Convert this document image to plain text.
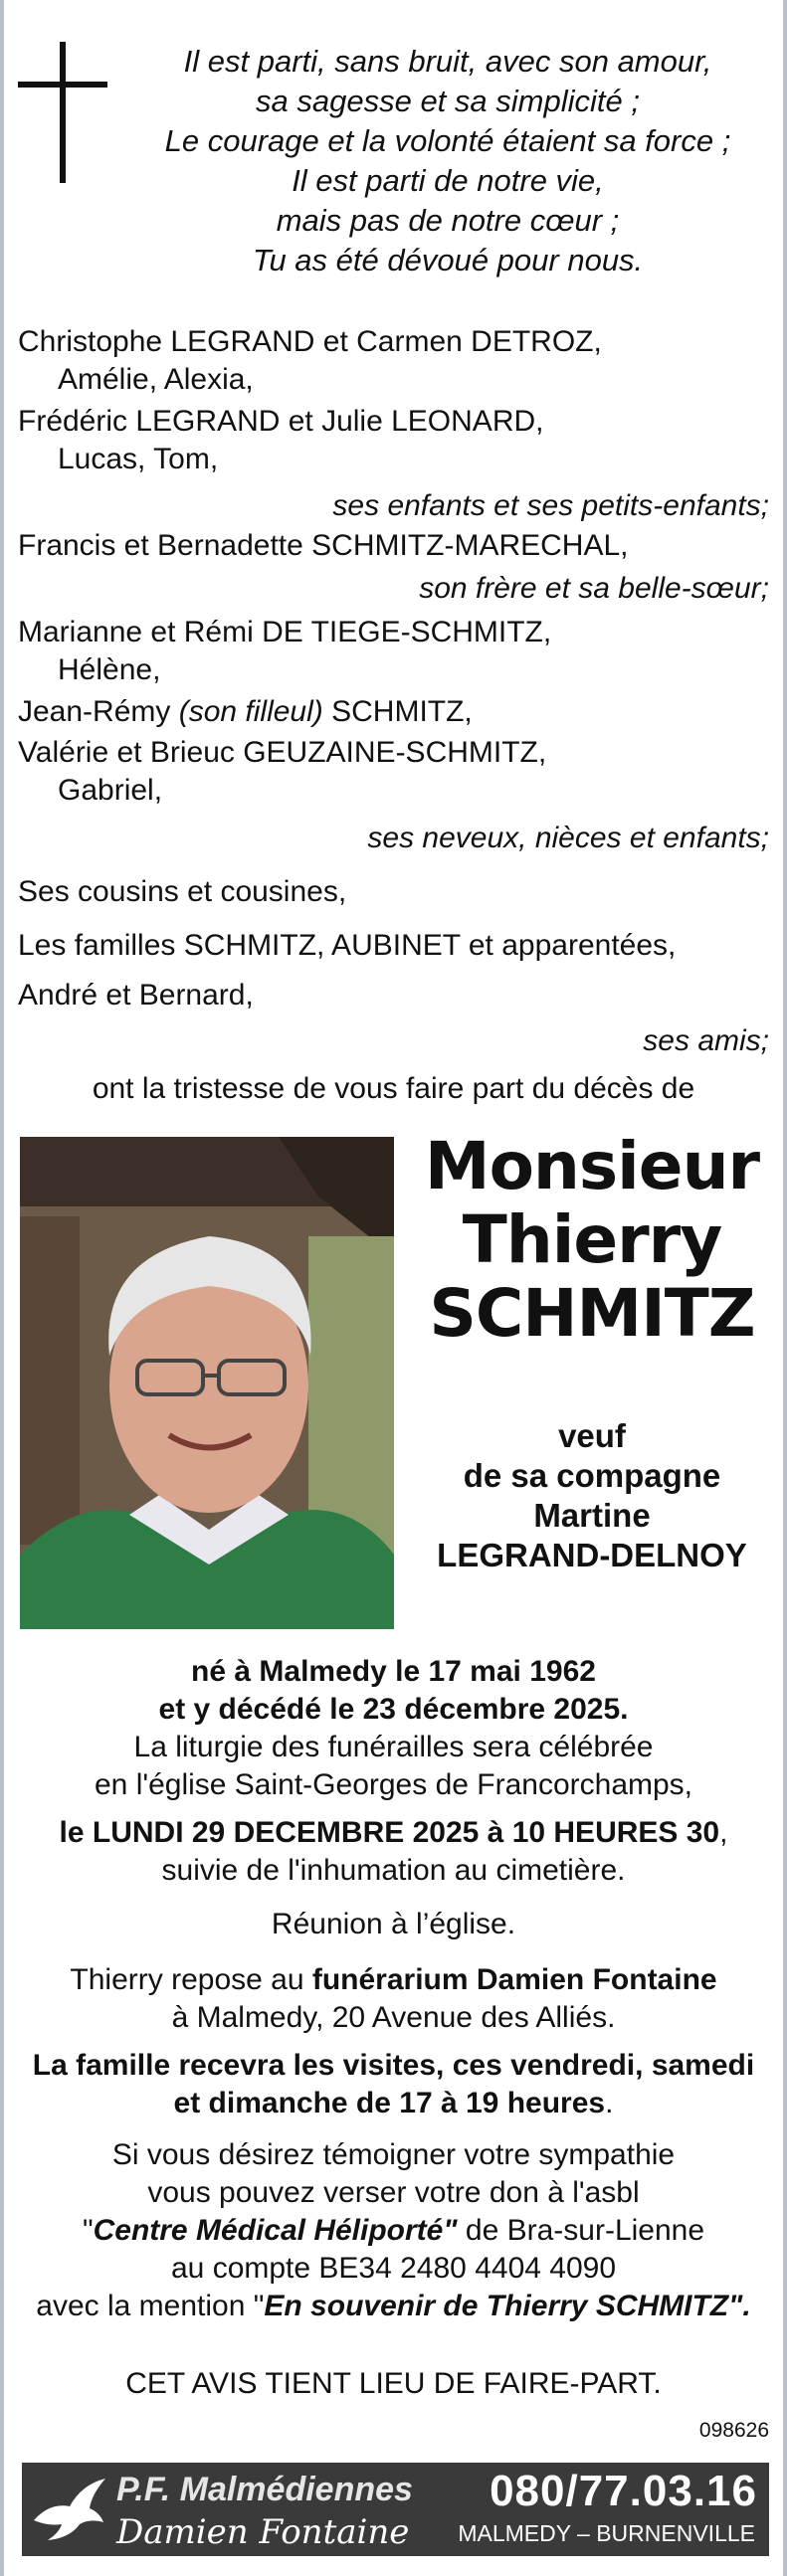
Il est parti, sans bruit, avec son amour,
sa sagesse et sa simplicité ;
Le courage et la volonté étaient sa force ;
Il est parti de notre vie,
mais pas de notre cœur ;
Tu as été dévoué pour nous.
Christophe LEGRAND et Carmen DETROZ,
Amélie, Alexia,
Frédéric LEGRAND et Julie LEONARD,
Lucas, Tom,
ses enfants et ses petits-enfants;
Francis et Bernadette SCHMITZ-MARECHAL,
son frère et sa belle-sœur;
Marianne et Rémi DE TIEGE-SCHMITZ,
Hélène,
Jean-Rémy (son filleul) SCHMITZ,
Valérie et Brieuc GEUZAINE-SCHMITZ,
Gabriel,
ses neveux, nièces et enfants;
Ses cousins et cousines,
Les familles SCHMITZ, AUBINET et apparentées,
André et Bernard,
ses amis;
ont la tristesse de vous faire part du décès de
Monsieur
Thierry
SCHMITZ
veuf
de sa compagne
Martine
LEGRAND-DELNOY
né à Malmedy le 17 mai 1962
et y décédé le 23 décembre 2025.
La liturgie des funérailles sera célébrée
en l'église Saint-Georges de Francorchamps,
le LUNDI 29 DECEMBRE 2025 à 10 HEURES 30,
suivie de l'inhumation au cimetière.
Réunion à l’église.
Thierry repose au funérarium Damien Fontaine
à Malmedy, 20 Avenue des Alliés.
La famille recevra les visites, ces vendredi, samedi
et dimanche de 17 à 19 heures.
Si vous désirez témoigner votre sympathie
vous pouvez verser votre don à l'asbl
"Centre Médical Héliporté" de Bra-sur-Lienne
au compte BE34 2480 4404 4090
avec la mention "En souvenir de Thierry SCHMITZ".
CET AVIS TIENT LIEU DE FAIRE-PART.
098626
P.F. Malmédiennes
Damien Fontaine
080/77.03.16
MALMEDY – BURNENVILLE
